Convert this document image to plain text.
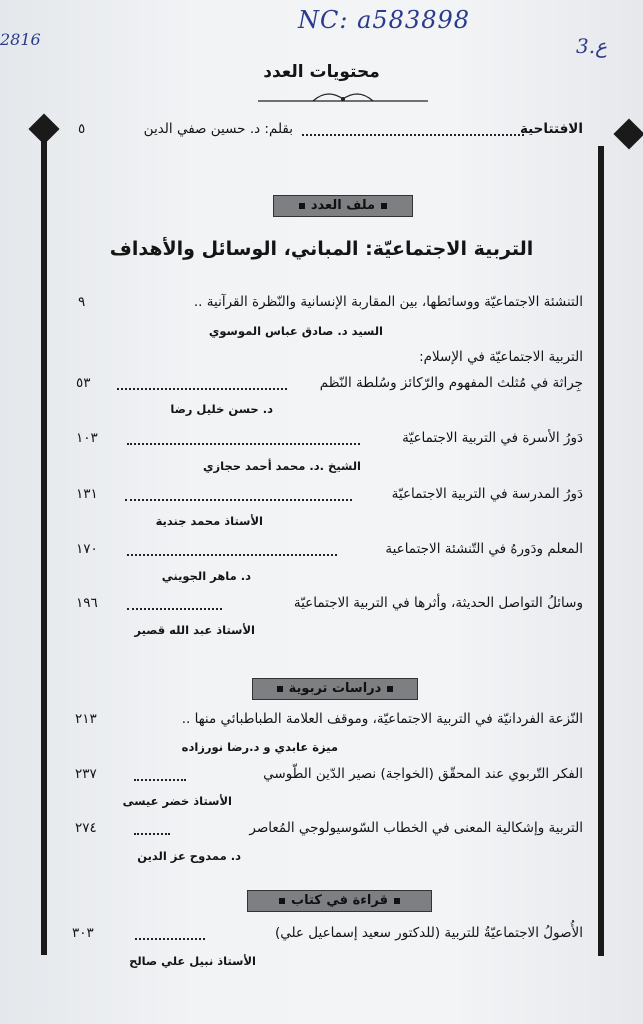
NC: a583898
2816	3.ع
محتويات العدد
الافتتاحية
بقلم: د. حسين صفي الدين
٥
ملف العدد
التربية الاجتماعيّة: المباني، الوسائل والأهداف
التنشئة الاجتماعيّة ووسائطها، بين المقاربة الإنسانية والنّظرة القرآنية ..
٩
السيد د. صادق عباس الموسوي
التربية الاجتماعيّة في الإسلام:
جِراثة في مُثلث المفهوم والرّكائز وسُلطة النّظم
٥٣
د. حسن خليل رضا
دَورُ الأسرة في التربية الاجتماعيّة
١٠٣
الشيخ .د. محمد أحمد حجازي
دَورُ المدرسة في التربية الاجتماعيّة
١٣١
الأستاذ محمد جندية
المعلم ودَورهُ في التّنشئة الاجتماعية
١٧٠
د. ماهر الجويني
وسائلُ التواصل الحديثة، وأثرها في التربية الاجتماعيّة
١٩٦
الأستاذ عبد الله قصير
دراسات تربوية
النّزعة الفردانيّة في التربية الاجتماعيّة، وموقف العلامة الطباطبائي منها ..
٢١٣
ميزة عابدي و د.رضا نورزاده
الفكر التّربوي عند المحقّق (الخواجة) نصير الدّين الطّوسي
٢٣٧
الأستاذ خضر عيسى
التربية وإشكالية المعنى في الخطاب السّوسيولوجي المُعاصر
٢٧٤
د. ممدوح عز الدين
قراءة في كتاب
الأُصولُ الاجتماعيّةُ للتربية (للدكتور سعيد إسماعيل علي)
٣٠٣
الأستاذ نبيل علي صالح
